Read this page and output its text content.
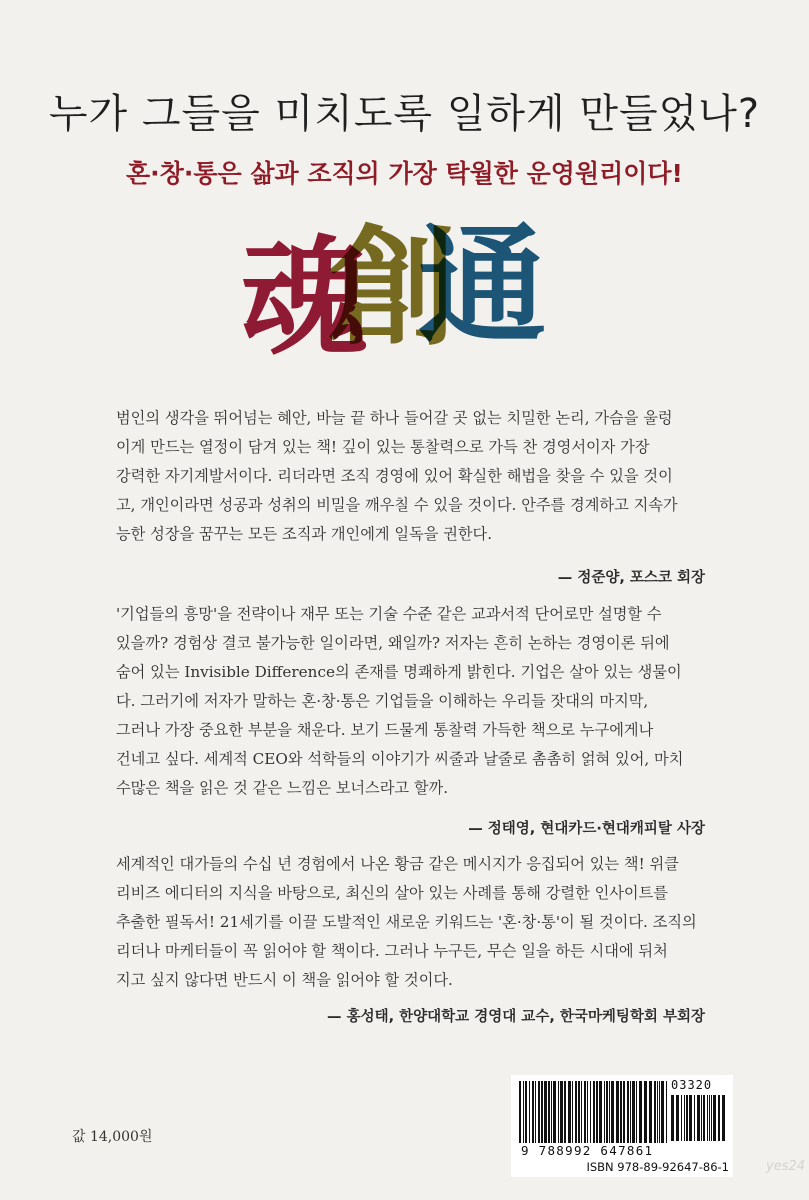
누가 그들을 미치도록 일하게 만들었나?
혼·창·통은 삶과 조직의 가장 탁월한 운영원리이다!
魂
創
通
범인의 생각을 뛰어넘는 혜안, 바늘 끝 하나 들어갈 곳 없는 치밀한 논리, 가슴을 울렁
이게 만드는 열정이 담겨 있는 책! 깊이 있는 통찰력으로 가득 찬 경영서이자 가장
강력한 자기계발서이다. 리더라면 조직 경영에 있어 확실한 해법을 찾을 수 있을 것이
고, 개인이라면 성공과 성취의 비밀을 깨우칠 수 있을 것이다. 안주를 경계하고 지속가
능한 성장을 꿈꾸는 모든 조직과 개인에게 일독을 권한다.
— 정준양, 포스코 회장
'기업들의 흥망'을 전략이나 재무 또는 기술 수준 같은 교과서적 단어로만 설명할 수
있을까? 경험상 결코 불가능한 일이라면, 왜일까? 저자는 흔히 논하는 경영이론 뒤에
숨어 있는 Invisible Difference의 존재를 명쾌하게 밝힌다. 기업은 살아 있는 생물이
다. 그러기에 저자가 말하는 혼·창·통은 기업들을 이해하는 우리들 잣대의 마지막,
그러나 가장 중요한 부분을 채운다. 보기 드물게 통찰력 가득한 책으로 누구에게나
건네고 싶다. 세계적 CEO와 석학들의 이야기가 씨줄과 날줄로 촘촘히 얽혀 있어, 마치
수많은 책을 읽은 것 같은 느낌은 보너스라고 할까.
— 정태영, 현대카드·현대캐피탈 사장
세계적인 대가들의 수십 년 경험에서 나온 황금 같은 메시지가 응집되어 있는 책! 위클
리비즈 에디터의 지식을 바탕으로, 최신의 살아 있는 사례를 통해 강렬한 인사이트를
추출한 필독서! 21세기를 이끌 도발적인 새로운 키워드는 '혼·창·통'이 될 것이다. 조직의
리더나 마케터들이 꼭 읽어야 할 책이다. 그러나 누구든, 무슨 일을 하든 시대에 뒤처
지고 싶지 않다면 반드시 이 책을 읽어야 할 것이다.
— 홍성태, 한양대학교 경영대 교수, 한국마케팅학회 부회장
값 14,000원
9 788992 647861
03320
ISBN 978-89-92647-86-1	yes24
